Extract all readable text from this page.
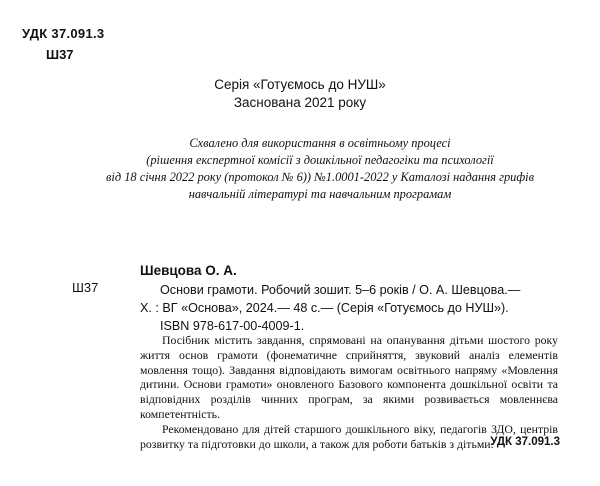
УДК 37.091.3
Ш37
Серія «Готуємось до НУШ»
Заснована 2021 року
Схвалено для використання в освітньому процесі
(рішення експертної комісії з дошкільної педагогіки та психології
від 18 січня 2022 року (протокол № 6)) №1.0001-2022 у Каталозі надання грифів
навчальній літературі та навчальним програмам
Ш37
Шевцова О. А.
Основи грамоти. Робочий зошит. 5–6 років / О. А. Шевцова.—
Х. : ВГ «Основа», 2024.— 48 с.— (Серія «Готуємось до НУШ»).
ISBN 978-617-00-4009-1.

Посібник містить завдання, спрямовані на опанування дітьми шостого року життя основ грамоти (фонематичне сприйняття, звуковий аналіз елементів мовлення тощо). Завдання відповідають вимогам освітнього напряму «Мовлення дитини. Основи грамоти» оновленого Базового компонента дошкільної освіти та відповідних розділів чинних програм, за якими розвивається мовленнєва компетентність.

Рекомендовано для дітей старшого дошкільного віку, педагогів ЗДО, центрів розвитку та підготовки до школи, а також для роботи батьків з дітьми.

УДК 37.091.3
